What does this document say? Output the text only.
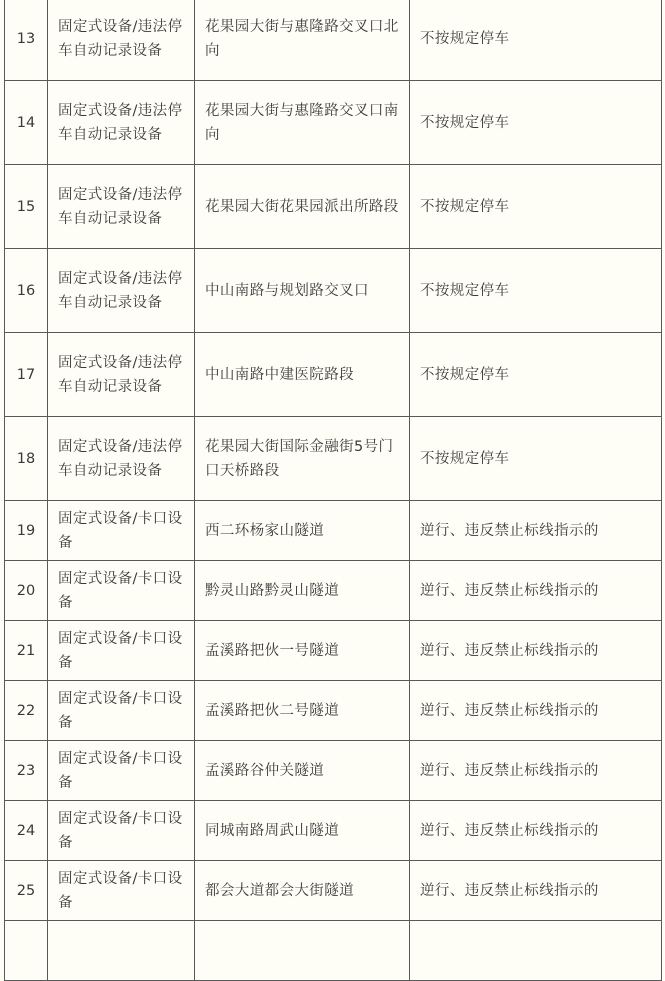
13	固定式设备/违法停车自动记录设备	花果园大街与惠隆路交叉口北向	不按规定停车
14	固定式设备/违法停车自动记录设备	花果园大街与惠隆路交叉口南向	不按规定停车
15	固定式设备/违法停车自动记录设备	花果园大街花果园派出所路段	不按规定停车
16	固定式设备/违法停车自动记录设备	中山南路与规划路交叉口	不按规定停车
17	固定式设备/违法停车自动记录设备	中山南路中建医院路段	不按规定停车
18	固定式设备/违法停车自动记录设备	花果园大街国际金融街5号门口天桥路段	不按规定停车
19	固定式设备/卡口设备	西二环杨家山隧道	逆行、违反禁止标线指示的
20	固定式设备/卡口设备	黔灵山路黔灵山隧道	逆行、违反禁止标线指示的
21	固定式设备/卡口设备	孟溪路把伙一号隧道	逆行、违反禁止标线指示的
22	固定式设备/卡口设备	孟溪路把伙二号隧道	逆行、违反禁止标线指示的
23	固定式设备/卡口设备	孟溪路谷仲关隧道	逆行、违反禁止标线指示的
24	固定式设备/卡口设备	同城南路周武山隧道	逆行、违反禁止标线指示的
25	固定式设备/卡口设备	都会大道都会大街隧道	逆行、违反禁止标线指示的
